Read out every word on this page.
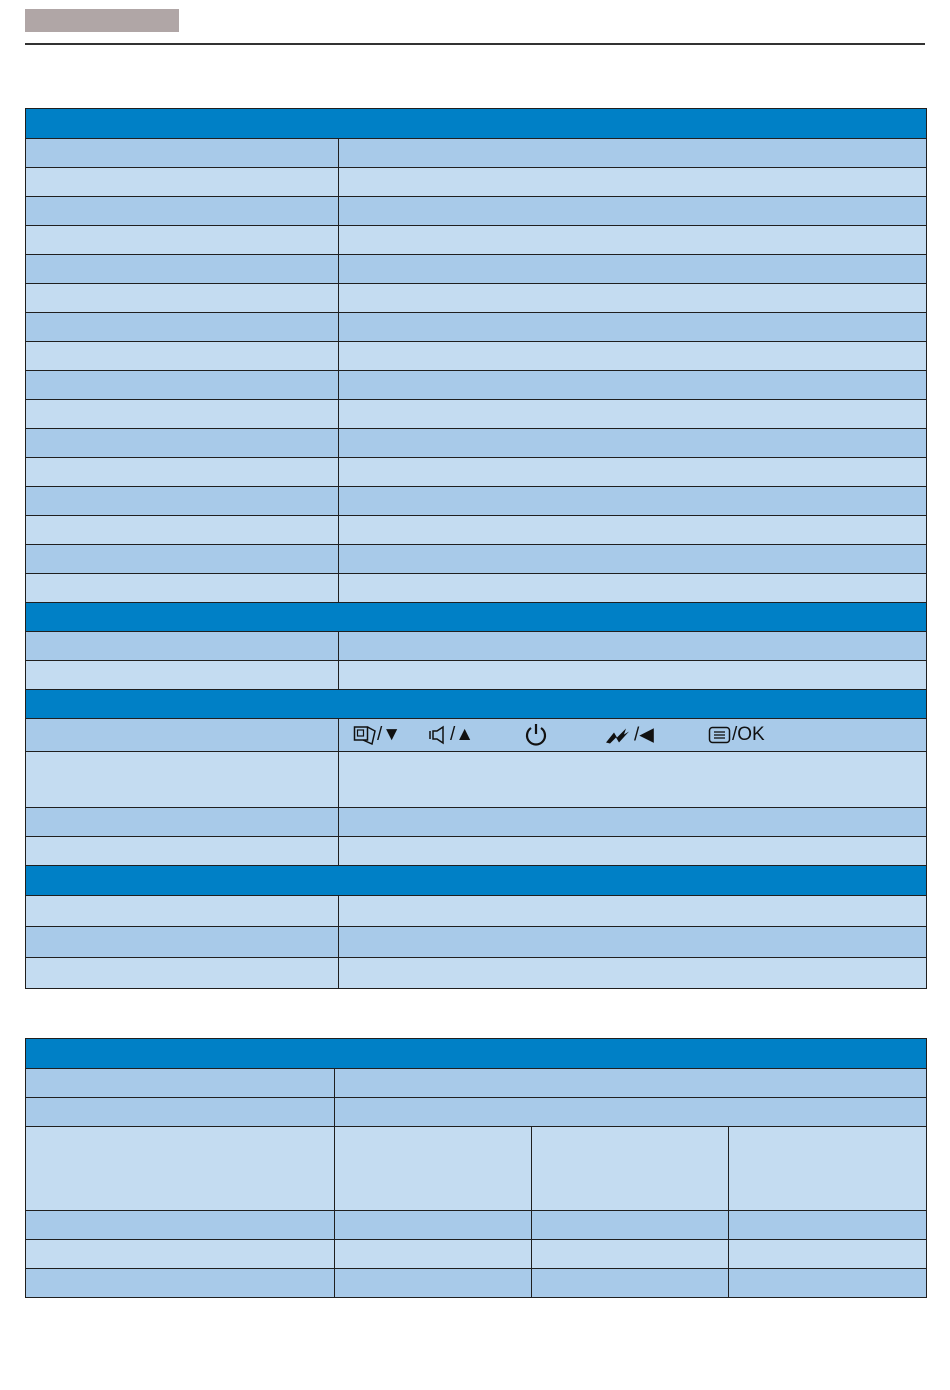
	/▼ /▲ /◀ /OK
